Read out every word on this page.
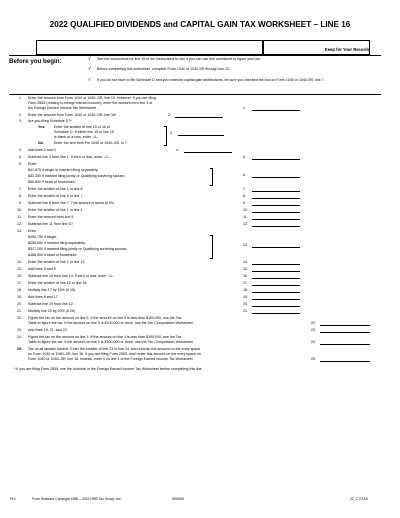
2022 QUALIFIED DIVIDENDS and CAPITAL GAIN TAX WORKSHEET – LINE 16
Keep for Your Records
Before you begin:	√ See the instructions for line 16 in the instructions to see if you can use this worksheet to figure your tax.
√ Before completing this worksheet, complete Form 1040 or 1040-SR through line 15.
√ If you do not have to file Schedule D and you received capital gain distributions, be sure you checked the box on Form 1040 or 1040-SR, line 7.
1. Enter the amount from Form 1040 or 1040–SR, line 15. However, if you are filing
Form 2555 (relating to foreign earned income), enter the amount from line 3 of
the Foreign Earned Income Tax Worksheet	1.
2. Enter the amount from Form 1040 or 1040–SR, line 3a* . .	2.
3. Are you filing Schedule D?*
Yes. Enter the smaller of line 15 or 16 of
Schedule D. If either line 15 or line 16
is blank or a loss, enter –0–
No.	Enter the amt from Fm 1040 or 1040–SR, ln 7.
3.
4. Add lines 2 and 3	4.
5. Subtract line 4 from line 1. If zero or less, enter –0–	5.
6. Enter:
$41,675 if single or married filing separately,
$83,350 if married filing jointly or Qualifying surviving spouse,
$55,800 if head of household.
6.
7. Enter the smaller of line 1 or line 6	7.
8. Enter the smaller of line 5 or line 7	8.
9. Subtract line 8 from line 7. This amount is taxed at 0%	9.
10. Enter the smaller of line 1 or line 4	10.
11. Enter the amount from line 9	11.
12. Subtract line 11 from line 10	12.
13. Enter:
$459,750 if single,
$258,600 if married filing separately,
$517,200 if married filing jointly or Qualifying surviving spouse,
$488,500 if head of household
13.
14. Enter the smaller of line 1 or line 13	14.
15. Add lines 5 and 9	15.
16. Subtract line 15 from line 14. If zero or less, enter –0–	16.
17. Enter the smaller of line 12 or line 16	17.
18. Multiply line 17 by 15% (0.15)	18.
19. Add lines 9 and 17	19.
20. Subtract line 19 from line 10	20.
21. Multiply line 20 by 20% (0.20)	21.
22. Figure the tax on the amount on line 5. If the amount on line 5 is less than $100,000, use the Tax
Table to figure the tax. If the amount on line 5 is $100,000 or more, use the Tax Computation Worksheet	22.
23. Add lines 18, 21, and 22	23.
24. Figure the tax on the amount on line 1. If the amount on line 1 is less than $100,000, use the Tax
Table to figure the tax. If the amount on line 1 is $100,000 or more, use the Tax Computation Worksheet	24.
25. Tax on all taxable income. Enter the smaller of line 23 or line 24. Also include this amount on the entry space
on Form 1040 or 1040–SR, line 16. If you are filing Form 2555, don't enter this amount on the entry space on
Form 1040 or 1040–SR, line 16. Instead, enter it on line 4 of the Foreign Earned Income Tax Worksheet	25.
* If you are filing Form 2555, see the footnote in the Foreign Earned Income Tax Worksheet before completing this line.
FDI	Form Software Copyright 1996 – 2022 HRB Tax Group, Inc.	S05005	22_C.GTAX
